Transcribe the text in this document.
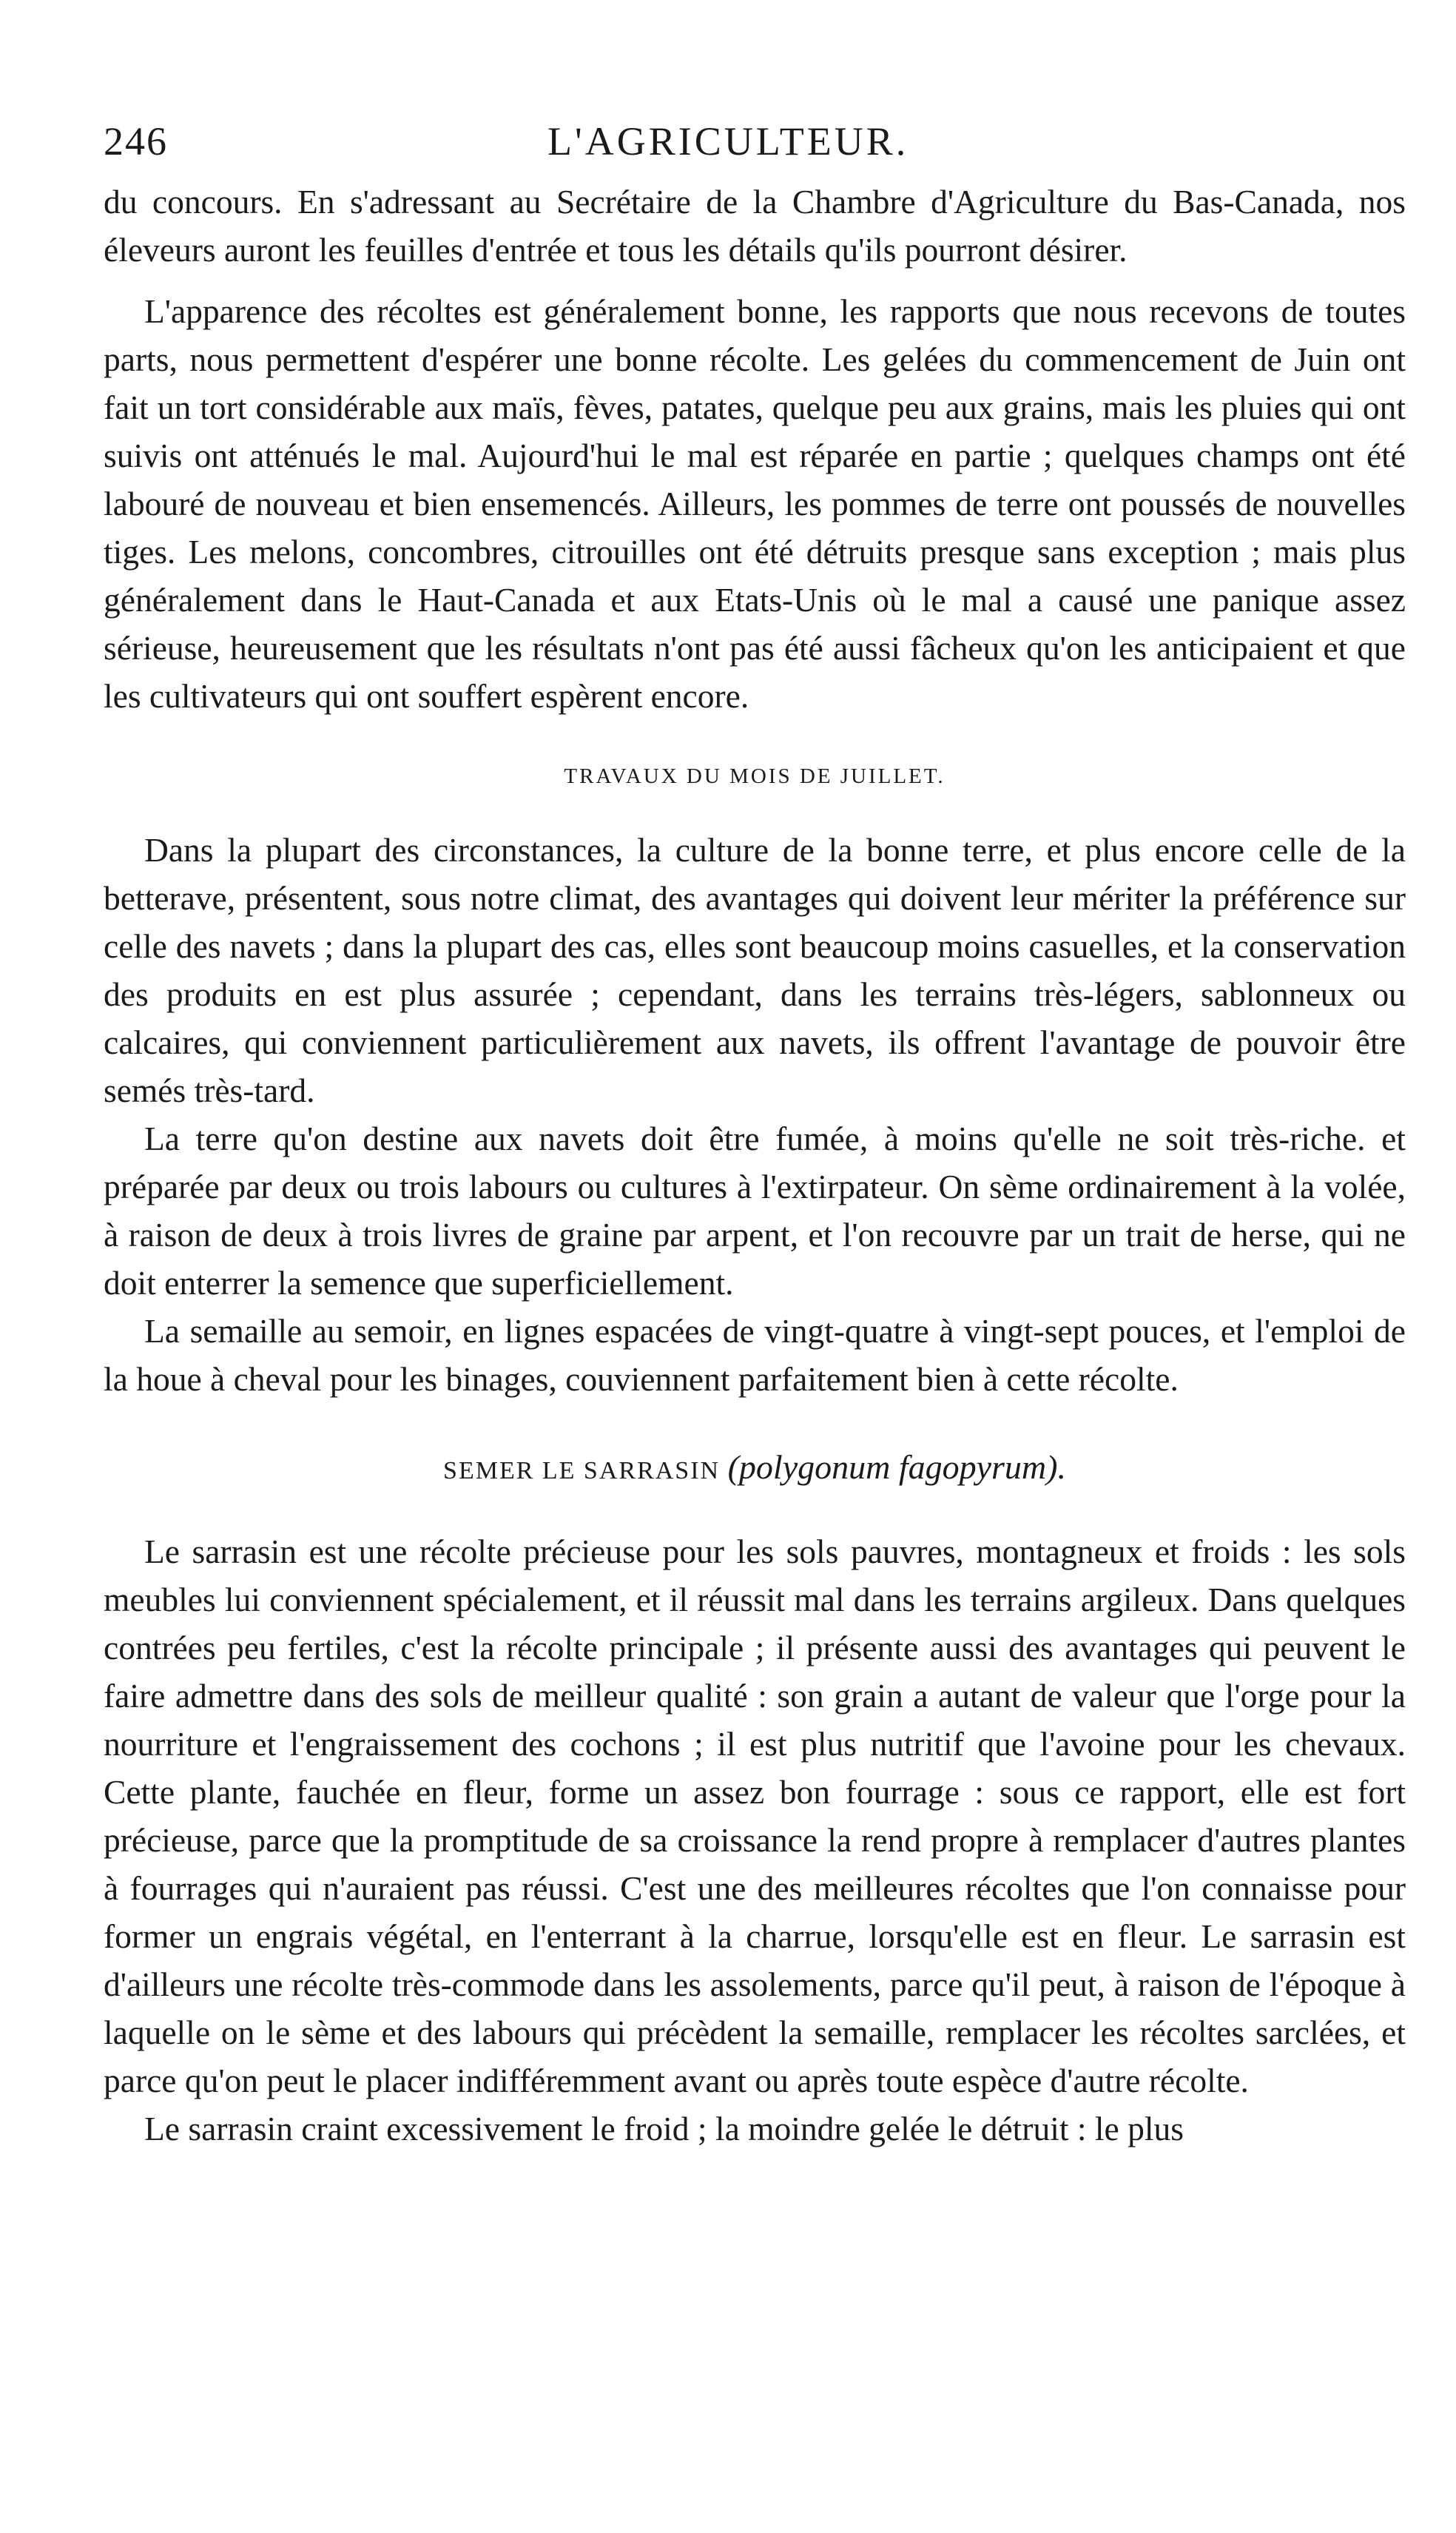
246	L'AGRICULTEUR.

du concours. En s'adressant au Secrétaire de la Chambre d'Agriculture du Bas-Canada, nos éleveurs auront les feuilles d'entrée et tous les détails qu'ils pourront désirer.

L'apparence des récoltes est généralement bonne, les rapports que nous recevons de toutes parts, nous permettent d'espérer une bonne récolte. Les gelées du commencement de Juin ont fait un tort considérable aux maïs, fèves, patates, quelque peu aux grains, mais les pluies qui ont suivis ont atténués le mal. Aujourd'hui le mal est réparée en partie ; quelques champs ont été labouré de nouveau et bien ensemencés. Ailleurs, les pommes de terre ont poussés de nouvelles tiges. Les melons, concombres, citrouilles ont été détruits presque sans exception ; mais plus généralement dans le Haut-Canada et aux Etats-Unis où le mal a causé une panique assez sérieuse, heureusement que les résultats n'ont pas été aussi fâcheux qu'on les anticipaient et que les cultivateurs qui ont souffert espèrent encore.

TRAVAUX DU MOIS DE JUILLET.

Dans la plupart des circonstances, la culture de la bonne terre, et plus encore celle de la betterave, présentent, sous notre climat, des avantages qui doivent leur mériter la préférence sur celle des navets ; dans la plupart des cas, elles sont beaucoup moins casuelles, et la conservation des produits en est plus assurée ; cependant, dans les terrains très-légers, sablonneux ou calcaires, qui conviennent particulièrement aux navets, ils offrent l'avantage de pouvoir être semés très-tard.

La terre qu'on destine aux navets doit être fumée, à moins qu'elle ne soit très-riche. et préparée par deux ou trois labours ou cultures à l'extirpateur. On sème ordinairement à la volée, à raison de deux à trois livres de graine par arpent, et l'on recouvre par un trait de herse, qui ne doit enterrer la semence que superficiellement.

La semaille au semoir, en lignes espacées de vingt-quatre à vingt-sept pouces, et l'emploi de la houe à cheval pour les binages, couviennent parfaitement bien à cette récolte.

SEMER LE SARRASIN (polygonum fagopyrum).

Le sarrasin est une récolte précieuse pour les sols pauvres, montagneux et froids : les sols meubles lui conviennent spécialement, et il réussit mal dans les terrains argileux. Dans quelques contrées peu fertiles, c'est la récolte principale ; il présente aussi des avantages qui peuvent le faire admettre dans des sols de meilleur qualité : son grain a autant de valeur que l'orge pour la nourriture et l'engraissement des cochons ; il est plus nutritif que l'avoine pour les chevaux. Cette plante, fauchée en fleur, forme un assez bon fourrage : sous ce rapport, elle est fort précieuse, parce que la promptitude de sa croissance la rend propre à remplacer d'autres plantes à fourrages qui n'auraient pas réussi. C'est une des meilleures récoltes que l'on connaisse pour former un engrais végétal, en l'enterrant à la charrue, lorsqu'elle est en fleur. Le sarrasin est d'ailleurs une récolte très-commode dans les assolements, parce qu'il peut, à raison de l'époque à laquelle on le sème et des labours qui précèdent la semaille, remplacer les récoltes sarclées, et parce qu'on peut le placer indifféremment avant ou après toute espèce d'autre récolte.

Le sarrasin craint excessivement le froid ; la moindre gelée le détruit : le plus
